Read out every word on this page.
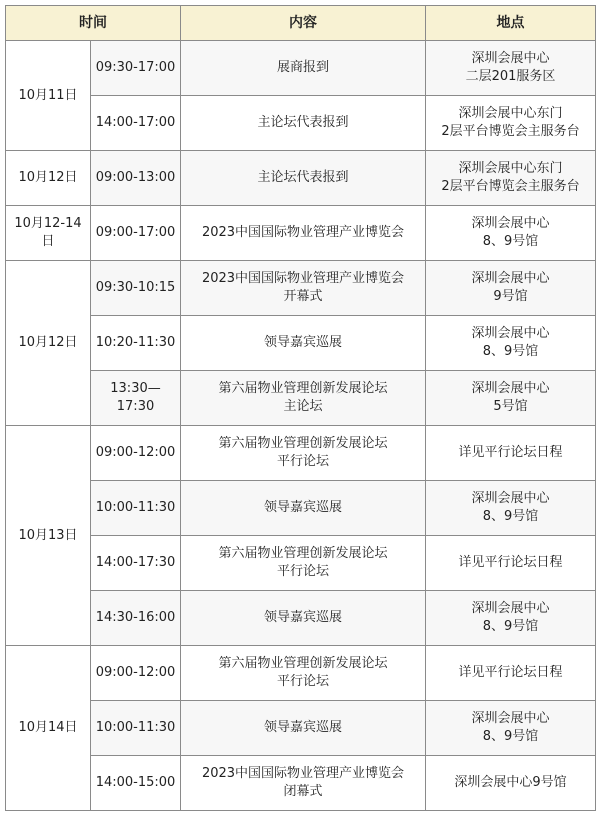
时间		内容	地点
10月11日	09:30-17:00	展商报到	深圳会展中心
二层201服务区

	14:00-17:00	主论坛代表报到	深圳会展中心东门
2层平台博览会主服务台

10月12日	09:00-13:00	主论坛代表报到	深圳会展中心东门
2层平台博览会主服务台

10月12-14日	09:00-17:00	2023中国国际物业管理产业博览会	深圳会展中心
8、9号馆

10月12日	09:30-10:15	2023中国国际物业管理产业博览会
开幕式	深圳会展中心
9号馆

	10:20-11:30	领导嘉宾巡展	深圳会展中心
8、9号馆

	13:30—17:30	第六届物业管理创新发展论坛
主论坛	深圳会展中心
5号馆

10月13日	09:00-12:00	第六届物业管理创新发展论坛
平行论坛	详见平行论坛日程

	10:00-11:30	领导嘉宾巡展	深圳会展中心
8、9号馆

	14:00-17:30	第六届物业管理创新发展论坛
平行论坛	详见平行论坛日程

	14:30-16:00	领导嘉宾巡展	深圳会展中心
8、9号馆

10月14日	09:00-12:00	第六届物业管理创新发展论坛
平行论坛	详见平行论坛日程

	10:00-11:30	领导嘉宾巡展	深圳会展中心
8、9号馆

	14:00-15:00	2023中国国际物业管理产业博览会
闭幕式	深圳会展中心9号馆
